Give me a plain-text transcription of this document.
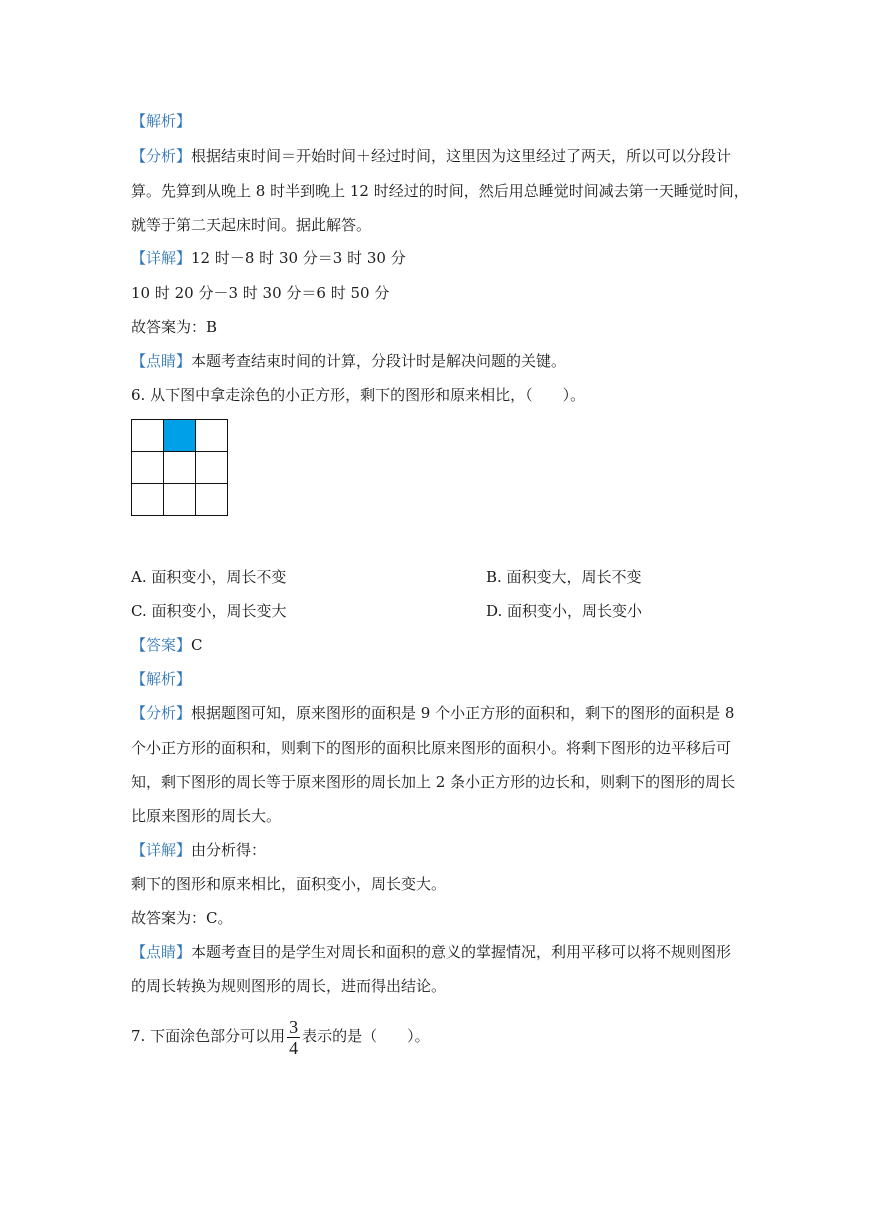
【解析】
【分析】根据结束时间＝开始时间＋经过时间，这里因为这里经过了两天，所以可以分段计
算。先算到从晚上 8 时半到晚上 12 时经过的时间，然后用总睡觉时间减去第一天睡觉时间，
就等于第二天起床时间。据此解答。
【详解】12 时－8 时 30 分＝3 时 30 分
10 时 20 分－3 时 30 分＝6 时 50 分
故答案为：B
【点睛】本题考查结束时间的计算，分段计时是解决问题的关键。
6. 从下图中拿走涂色的小正方形，剩下的图形和原来相比，（　　）。

A. 面积变小，周长不变	B. 面积变大，周长不变
C. 面积变小，周长变大	D. 面积变小，周长变小
【答案】C
【解析】
【分析】根据题图可知，原来图形的面积是 9 个小正方形的面积和，剩下的图形的面积是 8
个小正方形的面积和，则剩下的图形的面积比原来图形的面积小。将剩下图形的边平移后可
知，剩下图形的周长等于原来图形的周长加上 2 条小正方形的边长和，则剩下的图形的周长
比原来图形的周长大。
【详解】由分析得：
剩下的图形和原来相比，面积变小，周长变大。
故答案为：C。
【点睛】本题考查目的是学生对周长和面积的意义的掌握情况，利用平移可以将不规则图形
的周长转换为规则图形的周长，进而得出结论。
7. 下面涂色部分可以用 $\frac{3}{4}$ 表示的是（　　）。
